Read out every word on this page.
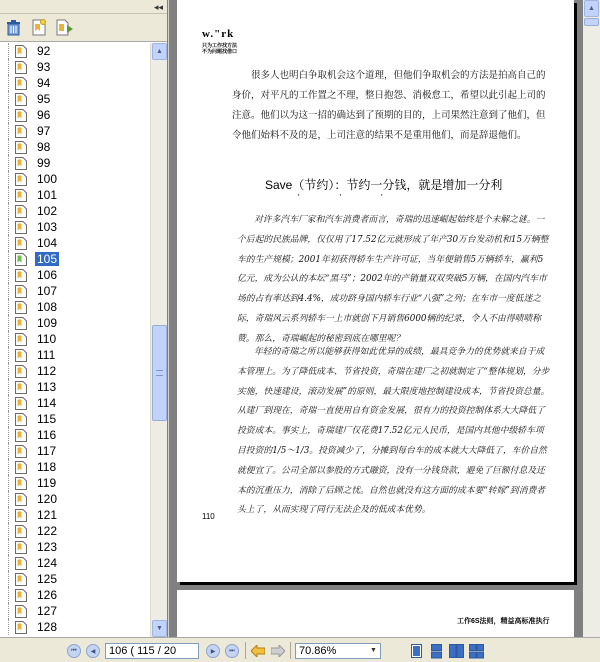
◂◂
92
93
94
95
96
97
98
99
100
101
102
103
104
105
106
107
108
109
110
111
112
113
114
115
116
117
118
119
120
121
122
123
124
125
126
127
128
▲
▼
w."rk
只为工作找方法
不为问题找借口
很多人也明白争取机会这个道理，但他们争取机会的方法是拍高自己的身价，对平凡的工作置之不理，整日抱怨、消极怠工，希望以此引起上司的注意。他们以为这一招的确达到了预期的目的，上司果然注意到了他们，但令他们始料不及的是，上司注意的结果不是重用他们，而是辞退他们。
Save（节约）：节约一分钱，就是增加一分利
'''
对许多汽车厂家和汽车消费者而言，奇瑞的迅速崛起始终是个未解之谜。一个后起的民族品牌，仅仅用了17.52亿元就形成了年产30万台发动机和15万辆整车的生产规模；2001年初获得轿车生产许可证，当年便销售5万辆轿车，赢利5亿元，成为公认的本坛“黑马”；2002年的产销量双双突破5万辆，在国内汽车市场的占有率达到4.4%，成功跻身国内轿车行业“八强”之列；在车市一度低迷之际，奇瑞风云系列轿车一上市就创下月销售6000辆的纪录，令人不由得啧啧称赞。那么，奇瑞崛起的秘密到底在哪里呢？
年轻的奇瑞之所以能够获得如此优异的成绩，最具竞争力的优势就来自于成本管理上。为了降低成本、节省投资，奇瑞在建厂之初就制定了“整体规划，分步实施，快速建设，滚动发展”的原则，最大限度地控制建设成本，节省投资总量。从建厂到现在，奇瑞一直使用自有资金发展，很有力的投资控制体系大大降低了投资成本。事实上，奇瑞建厂仅花费17.52亿元人民币，是国内其他中级轿车项目投资的1/5～1/3。投资减少了，分摊到每台车的成本就大大降低了，车价自然就便宜了。公司全部以参股的方式融资，没有一分钱贷款，避免了巨额付息及还本的沉重压力，消除了后顾之忧。自然也就没有这方面的成本要“转嫁”到消费者头上了，从而实现了同行无法企及的低成本优势。
110
工作6S法则，精益高标准执行
▲
⏮ ◀	106 ( 115 / 20	▶ ⏭	70.86%	▼
